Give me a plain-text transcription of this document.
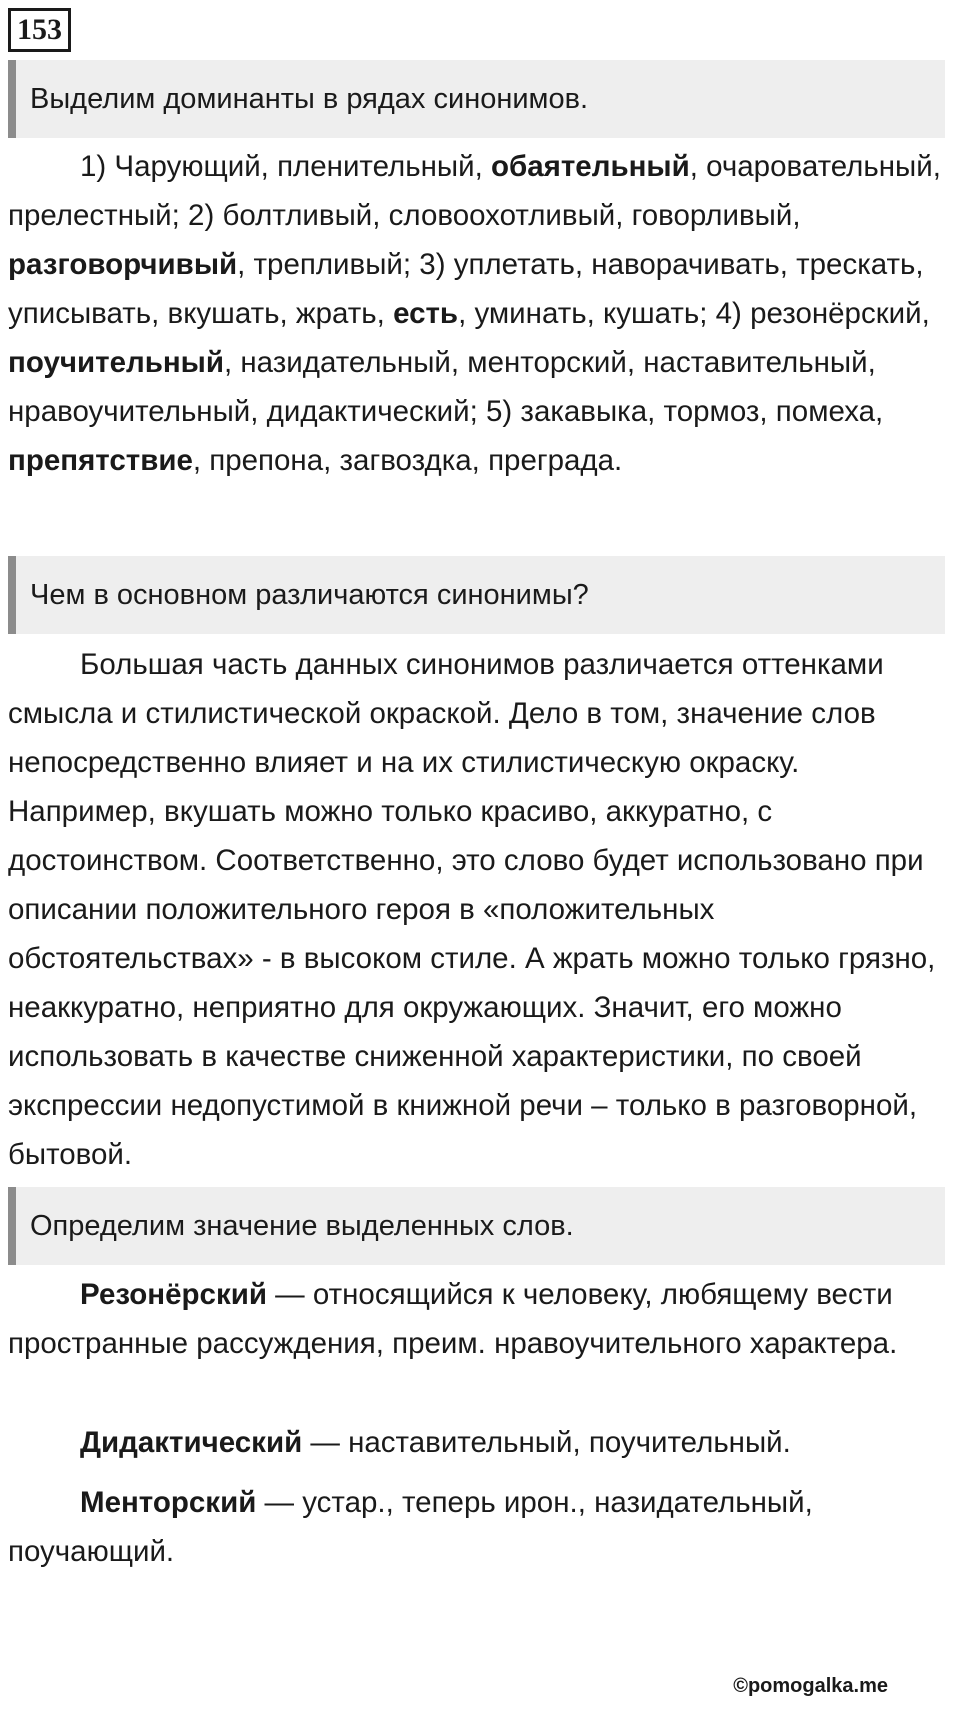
153
Выделим доминанты в рядах синонимов.

1) Чарующий, пленительный, обаятельный, очаровательный, прелестный; 2) болтливый, словоохотливый, говорливый, разговорчивый, трепливый; 3) уплетать, наворачивать, трескать, уписывать, вкушать, жрать, есть, уминать, кушать; 4) резонёрский, поучительный, назидательный, менторский, наставительный, нравоучительный, дидактический; 5) закавыка, тормоз, помеха, препятствие, препона, загвоздка, преграда.

Чем в основном различаются синонимы?

Большая часть данных синонимов различается оттенками смысла и стилистической окраской. Дело в том, значение слов непосредственно влияет и на их стилистическую окраску. Например, вкушать можно только красиво, аккуратно, с достоинством. Соответственно, это слово будет использовано при описании положительного героя в «положительных обстоятельствах» - в высоком стиле. А жрать можно только грязно, неаккуратно, неприятно для окружающих. Значит, его можно использовать в качестве сниженной характеристики, по своей экспрессии недопустимой в книжной речи – только в разговорной, бытовой.

Определим значение выделенных слов.

Резонёрский — относящийся к человеку, любящему вести пространные рассуждения, преим. нравоучительного характера.

Дидактический — наставительный, поучительный.

Менторский — устар., теперь ирон., назидательный, поучающий.

©pomogalka.me
